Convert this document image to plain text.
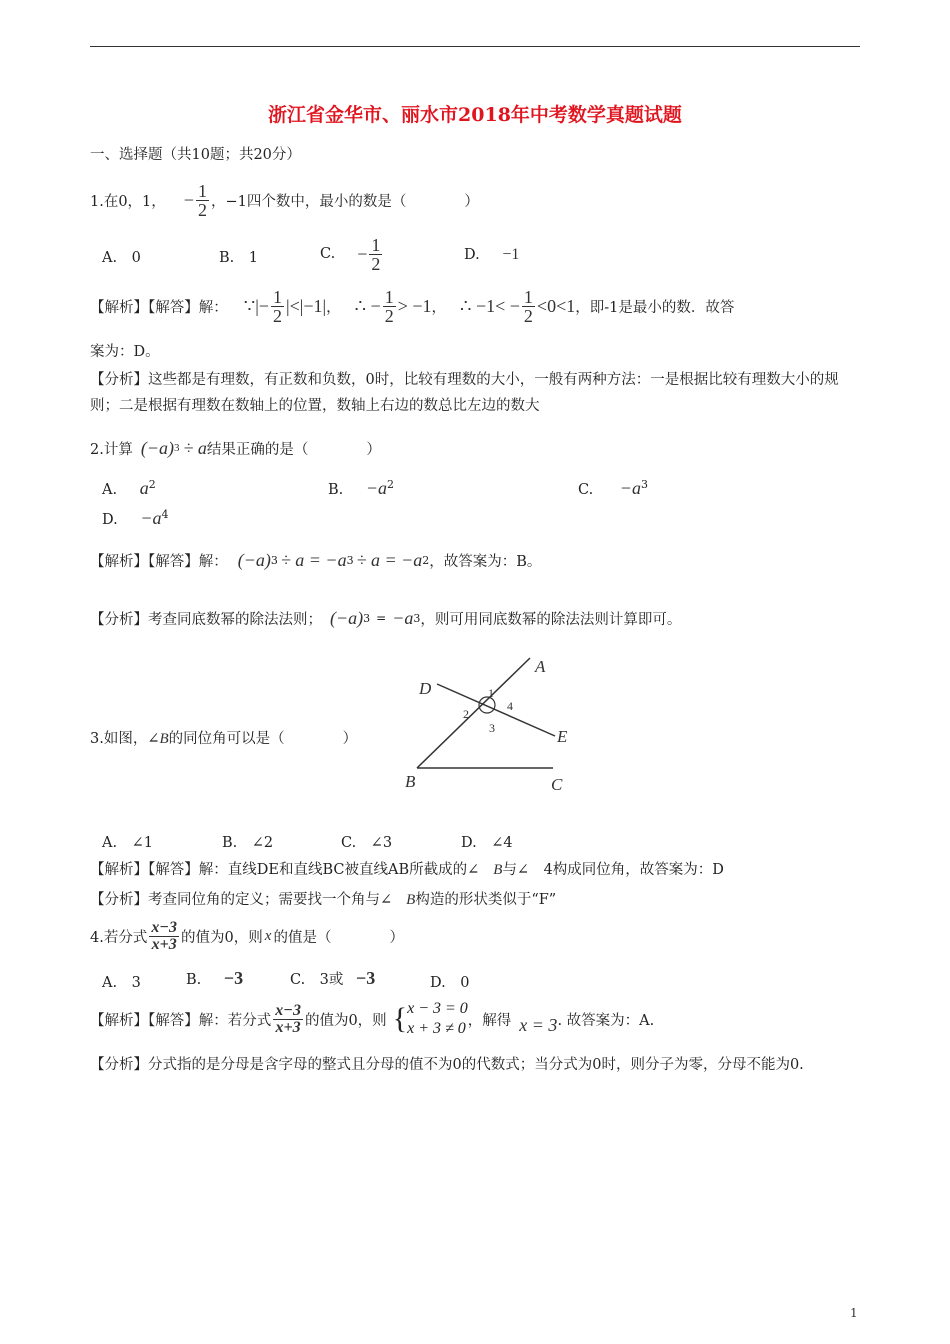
浙江省金华市、丽水市2018年中考数学真题试题
一、选择题（共10题；共20分）
1.在0，1， − $\frac{1}{2}$ ，−1四个数中，最小的数是（　　　　）
A.　0	B.　1	C. − $\frac{1}{2}$	D. −1
【解析】【解答】解： ∵|− $\frac{1}{2} |<|-1|$ ， ∴ − $\frac{1}{2} > -1$ ， ∴ $-1< - \frac{1}{2} <0<1$ ，即-1是最小的数．故答
案为：D。
【分析】这些都是有理数，有正数和负数，0时，比较有理数的大小，一般有两种方法：一是根据比较有理数大小的规则；二是根据有理数在数轴上的位置，数轴上右边的数总比左边的数大
2.计算 (−a) 3 ÷ a 结果正确的是（　　　　）
A. $a^2$	B. $-a^2$	C. $-a^3$
D. $-a^4$
【解析】【解答】解： (−a) 3 ÷ a = −a 3 ÷ a = −a 2 ，故答案为：B。
【分析】考查同底数幂的除法法则； (−a) 3 = −a 3 ，则可用同底数幂的除法法则计算即可。
3.如图，∠B的同位角可以是（　　　　）
A
B	C
D
E
1
2
3
4
A.　∠1	B.　∠2	C.　∠3	D.　∠4
【解析】【解答】解：直线DE和直线BC被直线AB所截成的∠ B与∠　4构成同位角，故答案为：D
【分析】考查同位角的定义；需要找一个角与∠ B构造的形状类似于“F”
4.若分式 $\frac{x-3}{x+3}$ 的值为0，则 x 的值是（　　　　）
A.　3	B. −3	C.　3或 −3	D.　0
【解析】【解答】解：若分式 $\frac{x-3}{x+3}$ 的值为0，则 { x − 3 = 0
x + 3 ≠ 0 ，解得 x = 3 . 故答案为：A.
【分析】分式指的是分母是含字母的整式且分母的值不为0的代数式；当分式为0时，则分子为零，分母不能为0.
1
